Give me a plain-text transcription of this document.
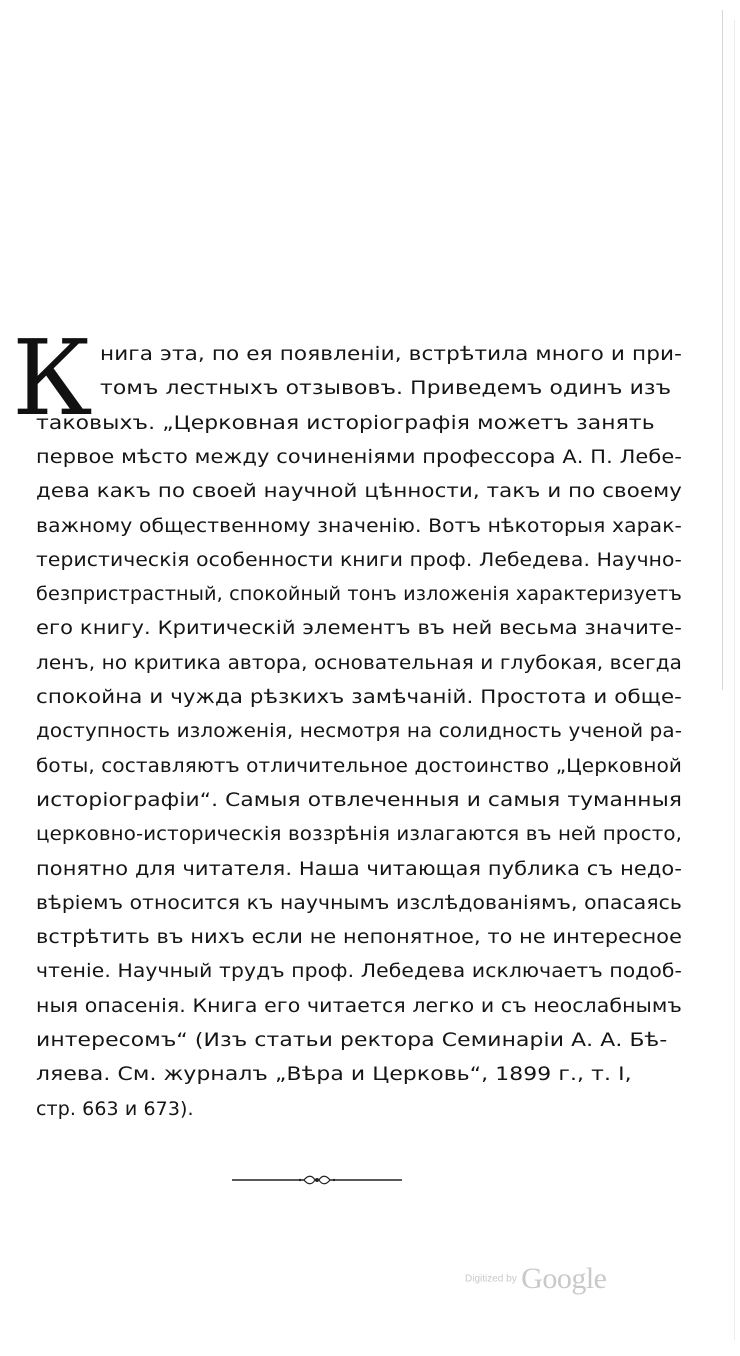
К нига эта, по ея появленіи, встрѣтила много и при-
томъ лестныхъ отзывовъ. Приведемъ одинъ изъ
таковыхъ. „Церковная исторіографія можетъ занять
первое мѣсто между сочиненіями профессора А. П. Лебе-
дева какъ по своей научной цѣнности, такъ и по своему
важному общественному значенію. Вотъ нѣкоторыя харак-
теристическія особенности книги проф. Лебедева. Научно-
безпристрастный, спокойный тонъ изложенія характеризуетъ
его книгу. Критическій элементъ въ ней весьма значите-
ленъ, но критика автора, основательная и глубокая, всегда
спокойна и чужда рѣзкихъ замѣчаній. Простота и обще-
доступность изложенія, несмотря на солидность ученой ра-
боты, составляютъ отличительное достоинство „Церковной
исторіографіи“. Самыя отвлеченныя и самыя туманныя
церковно-историческія воззрѣнія излагаются въ ней просто,
понятно для читателя. Наша читающая публика съ недо-
вѣріемъ относится къ научнымъ изслѣдованіямъ, опасаясь
встрѣтить въ нихъ если не непонятное, то не интересное
чтеніе. Научный трудъ проф. Лебедева исключаетъ подоб-
ныя опасенія. Книга его читается легко и съ неослабнымъ
интересомъ“ (Изъ статьи ректора Семинаріи А. А. Бѣ-
ляева. См. журналъ „Вѣра и Церковь“, 1899 г., т. I,
стр. 663 и 673).
Digitized by Google
